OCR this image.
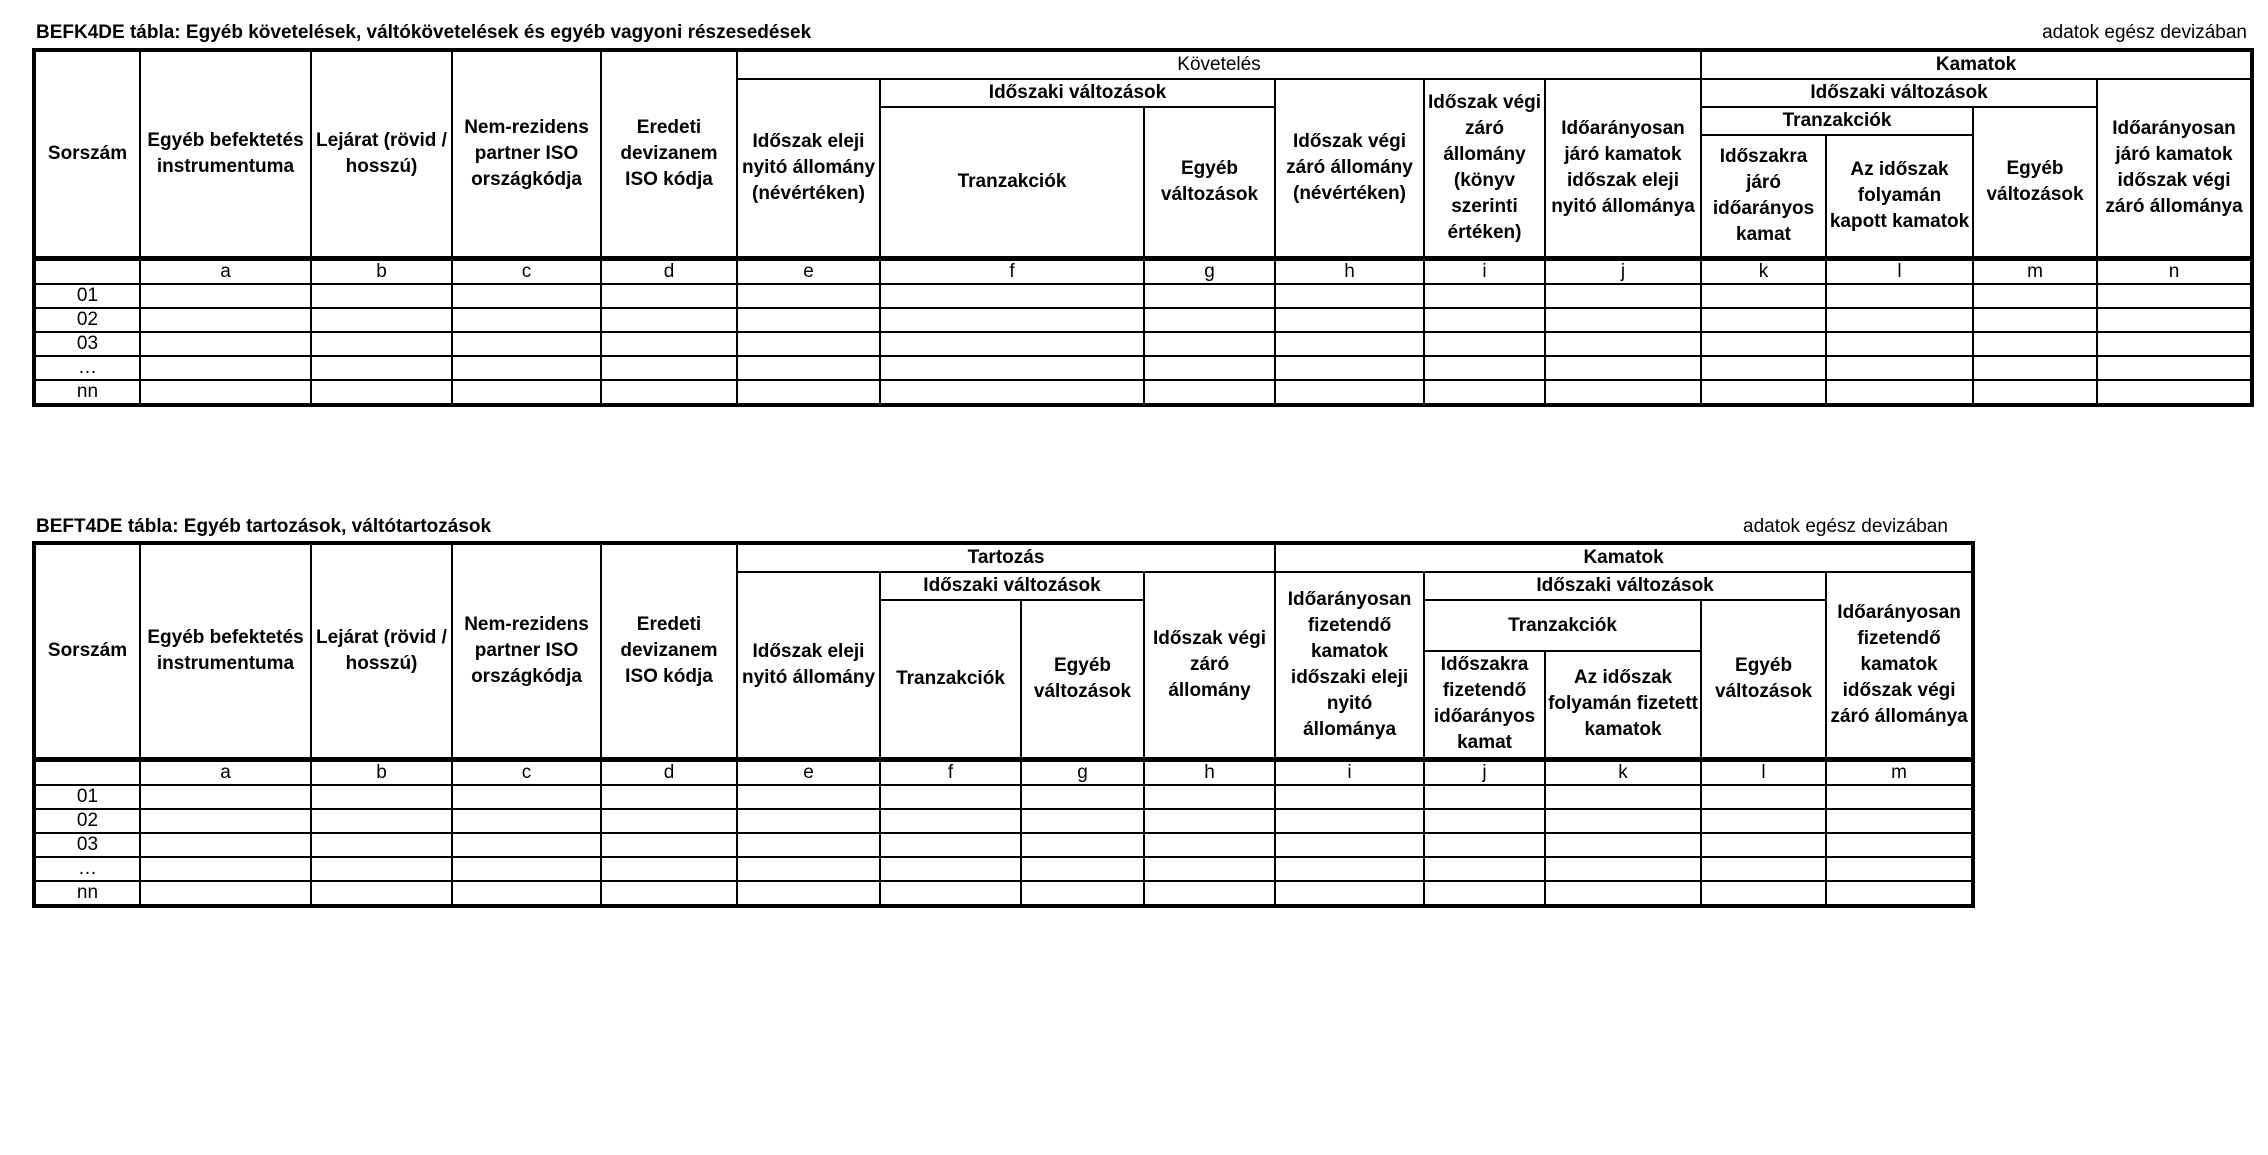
BEFK4DE tábla: Egyéb követelések, váltókövetelések és egyéb vagyoni részesedések	adatok egész devizában
Sorszám	Egyéb befektetés instrumentuma	Lejárat (rövid / hosszú)	Nem-rezidens partner ISO országkódja	Eredeti devizanem ISO kódja	Követelés						Kamatok			
					Időszak eleji nyitó állomány (névértéken)	Időszaki változások		Időszak végi záró állomány (névértéken)	Időszak végi záró állomány (könyv szerinti értéken)	Időarányosan járó kamatok időszak eleji nyitó állománya	Időszaki változások			Időarányosan járó kamatok időszak végi záró állománya
						Tranzakciók	Egyéb változások				Tranzakciók		Egyéb változások	
											Időszakra járó időarányos kamat	Az időszak folyamán kapott kamatok		
	a	b	c	d	e	f	g	h	i	j	k	l	m	n
01														
02														
03														
…														
nn														
BEFT4DE tábla: Egyéb tartozások, váltótartozások	adatok egész devizában
Sorszám	Egyéb befektetés instrumentuma	Lejárat (rövid / hosszú)	Nem-rezidens partner ISO országkódja	Eredeti devizanem ISO kódja	Tartozás				Kamatok				
					Időszak eleji nyitó állomány	Időszaki változások		Időszak végi záró állomány	Időarányosan fizetendő kamatok időszaki eleji nyitó állománya	Időszaki változások			Időarányosan fizetendő kamatok időszak végi záró állománya
						Tranzakciók	Egyéb változások			Tranzakciók		Egyéb változások	
										Időszakra fizetendő időarányos kamat	Az időszak folyamán fizetett kamatok		
	a	b	c	d	e	f	g	h	i	j	k	l	m
01													
02													
03													
…													
nn													
